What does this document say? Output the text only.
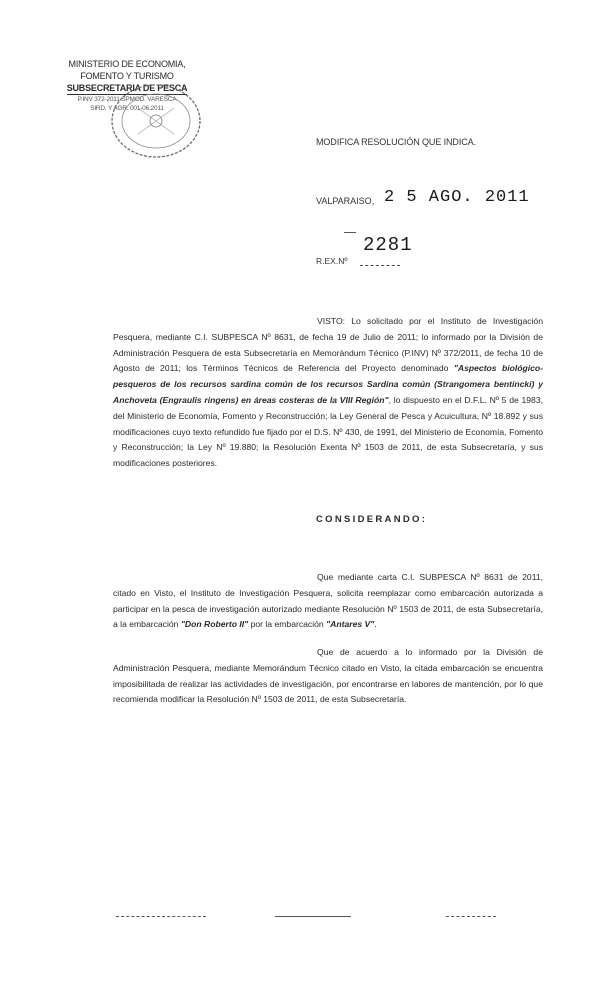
MINISTERIO DE ECONOMIA,
FOMENTO Y TURISMO
SUBSECRETARIA DE PESCA
P.INV 372-2011 SPMOD. VARESCA
SIRD. Y AGR. 001-06.2011
MODIFICA RESOLUCIÓN QUE INDICA.
VALPARAISO, 2 5 AGO. 2011
2281
R.EX.Nº
VISTO: Lo solicitado por el Instituto de Investigación Pesquera, mediante C.I. SUBPESCA Nº 8631, de fecha 19 de Julio de 2011; lo informado por la División de Administración Pesquera de esta Subsecretaría en Memorándum Técnico (P.INV) Nº 372/2011, de fecha 10 de Agosto de 2011; los Términos Técnicos de Referencia del Proyecto denominado "Aspectos biológico-pesqueros de los recursos sardina común de los recursos Sardina común (Strangomera bentincki) y Anchoveta (Engraulis ringens) en áreas costeras de la VIII Región", lo dispuesto en el D.F.L. Nº 5 de 1983, del Ministerio de Economía, Fomento y Reconstrucción; la Ley General de Pesca y Acuicultura, Nº 18.892 y sus modificaciones cuyo texto refundido fue fijado por el D.S. Nº 430, de 1991, del Ministerio de Economía, Fomento y Reconstrucción; la Ley Nº 19.880; la Resolución Exenta Nº 1503 de 2011, de esta Subsecretaría, y sus modificaciones posteriores.
CONSIDERANDO:
Que mediante carta C.I. SUBPESCA Nº 8631 de 2011, citado en Visto, el Instituto de Investigación Pesquera, solicita reemplazar como embarcación autorizada a participar en la pesca de investigación autorizado mediante Resolución Nº 1503 de 2011, de esta Subsecretaría, a la embarcación "Don Roberto II" por la embarcación "Antares V".
Que de acuerdo a lo informado por la División de Administración Pesquera, mediante Memorándum Técnico citado en Visto, la citada embarcación se encuentra imposibilitada de realizar las actividades de investigación, por encontrarse en labores de mantención, por lo que recomienda modificar la Resolución Nº 1503 de 2011, de esta Subsecretaría.
